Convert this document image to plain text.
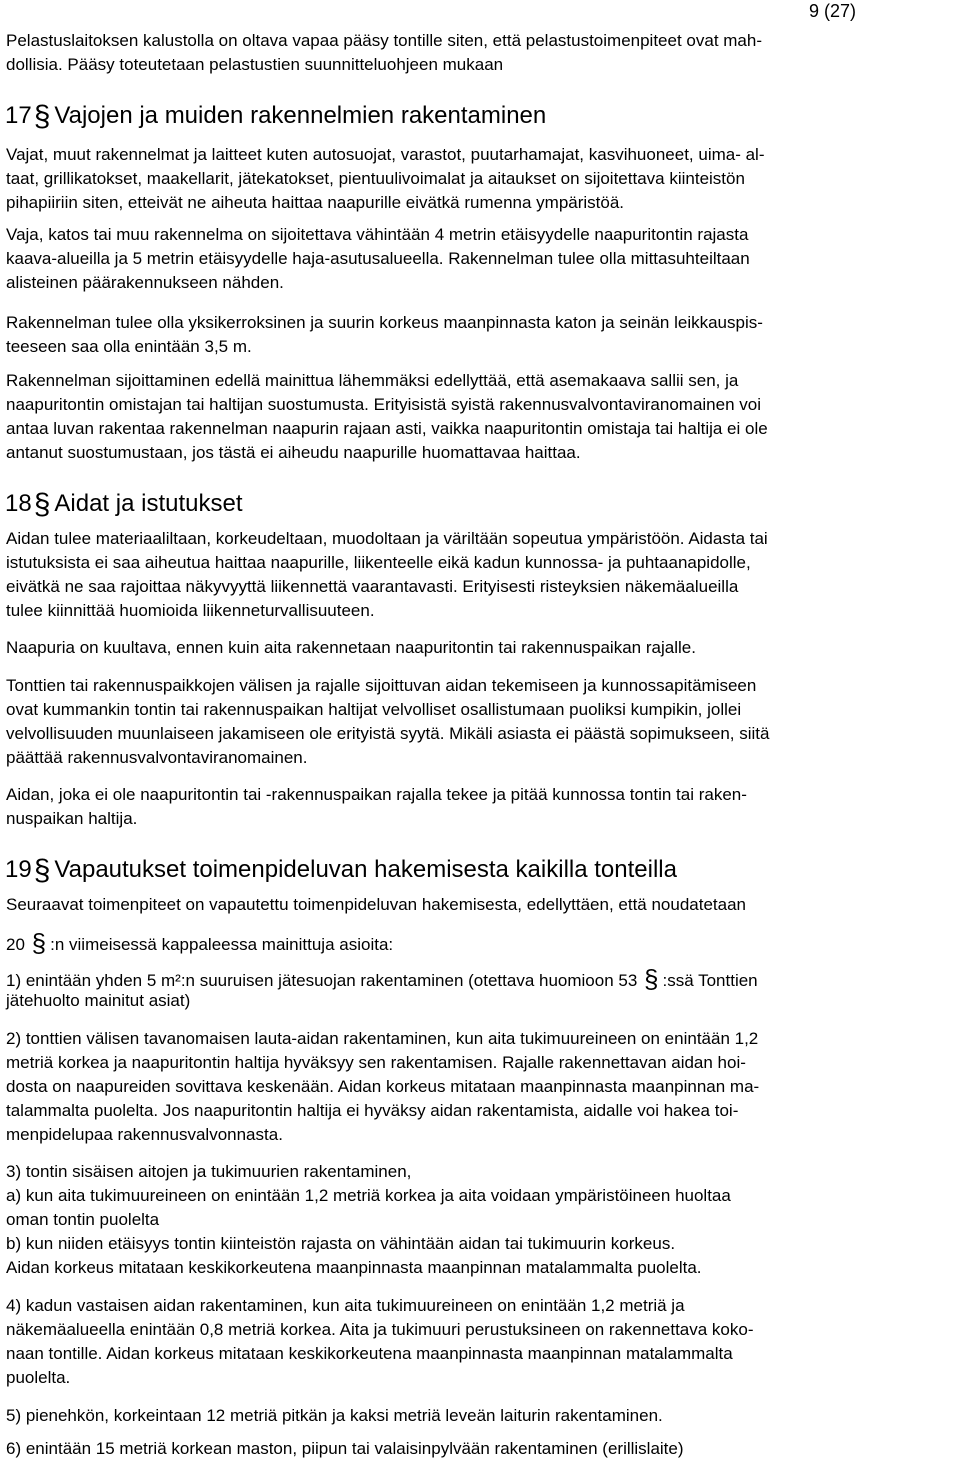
9 (27)
Pelastuslaitoksen kalustolla on oltava vapaa pääsy tontille siten, että pelastustoimenpiteet ovat mah-
dollisia. Pääsy toteutetaan pelastustien suunnitteluohjeen mukaan
17§ Vajojen ja muiden rakennelmien rakentaminen
Vajat, muut rakennelmat ja laitteet kuten autosuojat, varastot, puutarhamajat, kasvihuoneet, uima- al-
taat, grillikatokset, maakellarit, jätekatokset, pientuulivoimalat ja aitaukset on sijoitettava kiinteistön
pihapiiriin siten, etteivät ne aiheuta haittaa naapurille eivätkä rumenna ympäristöä.
Vaja, katos tai muu rakennelma on sijoitettava vähintään 4 metrin etäisyydelle naapuritontin rajasta
kaava-alueilla ja 5 metrin etäisyydelle haja-asutusalueella. Rakennelman tulee olla mittasuhteiltaan
alisteinen päärakennukseen nähden.
Rakennelman tulee olla yksikerroksinen ja suurin korkeus maanpinnasta katon ja seinän leikkauspis-
teeseen saa olla enintään 3,5 m.
Rakennelman sijoittaminen edellä mainittua lähemmäksi edellyttää, että asemakaava sallii sen, ja
naapuritontin omistajan tai haltijan suostumusta. Erityisistä syistä rakennusvalvontaviranomainen voi
antaa luvan rakentaa rakennelman naapurin rajaan asti, vaikka naapuritontin omistaja tai haltija ei ole
antanut suostumustaan, jos tästä ei aiheudu naapurille huomattavaa haittaa.
18§ Aidat ja istutukset
Aidan tulee materiaaliltaan, korkeudeltaan, muodoltaan ja väriltään sopeutua ympäristöön. Aidasta tai
istutuksista ei saa aiheutua haittaa naapurille, liikenteelle eikä kadun kunnossa- ja puhtaanapidolle,
eivätkä ne saa rajoittaa näkyvyyttä liikennettä vaarantavasti. Erityisesti risteyksien näkemäalueilla
tulee kiinnittää huomioida liikenneturvallisuuteen.
Naapuria on kuultava, ennen kuin aita rakennetaan naapuritontin tai rakennuspaikan rajalle.
Tonttien tai rakennuspaikkojen välisen ja rajalle sijoittuvan aidan tekemiseen ja kunnossapitämiseen
ovat kummankin tontin tai rakennuspaikan haltijat velvolliset osallistumaan puoliksi kumpikin, jollei
velvollisuuden muunlaiseen jakamiseen ole erityistä syytä. Mikäli asiasta ei päästä sopimukseen, siitä
päättää rakennusvalvontaviranomainen.
Aidan, joka ei ole naapuritontin tai -rakennuspaikan rajalla tekee ja pitää kunnossa tontin tai raken-
nuspaikan haltija.
19§ Vapautukset toimenpideluvan hakemisesta kaikilla tonteilla
Seuraavat toimenpiteet on vapautettu toimenpideluvan hakemisesta, edellyttäen, että noudatetaan
20 § :n viimeisessä kappaleessa mainittuja asioita:
1) enintään yhden 5 m²:n suuruisen jätesuojan rakentaminen (otettava huomioon 53 § :ssä Tonttien
jätehuolto mainitut asiat)
2) tonttien välisen tavanomaisen lauta-aidan rakentaminen, kun aita tukimuureineen on enintään 1,2
metriä korkea ja naapuritontin haltija hyväksyy sen rakentamisen. Rajalle rakennettavan aidan hoi-
dosta on naapureiden sovittava keskenään. Aidan korkeus mitataan maanpinnasta maanpinnan ma-
talammalta puolelta. Jos naapuritontin haltija ei hyväksy aidan rakentamista, aidalle voi hakea toi-
menpidelupaa rakennusvalvonnasta.
3) tontin sisäisen aitojen ja tukimuurien rakentaminen,
a) kun aita tukimuureineen on enintään 1,2 metriä korkea ja aita voidaan ympäristöineen huoltaa
oman tontin puolelta
b) kun niiden etäisyys tontin kiinteistön rajasta on vähintään aidan tai tukimuurin korkeus.
Aidan korkeus mitataan keskikorkeutena maanpinnasta maanpinnan matalammalta puolelta.
4) kadun vastaisen aidan rakentaminen, kun aita tukimuureineen on enintään 1,2 metriä ja
näkemäalueella enintään 0,8 metriä korkea. Aita ja tukimuuri perustuksineen on rakennettava koko-
naan tontille. Aidan korkeus mitataan keskikorkeutena maanpinnasta maanpinnan matalammalta
puolelta.
5) pienehkön, korkeintaan 12 metriä pitkän ja kaksi metriä leveän laiturin rakentaminen.
6) enintään 15 metriä korkean maston, piipun tai valaisinpylvään rakentaminen (erillislaite)
